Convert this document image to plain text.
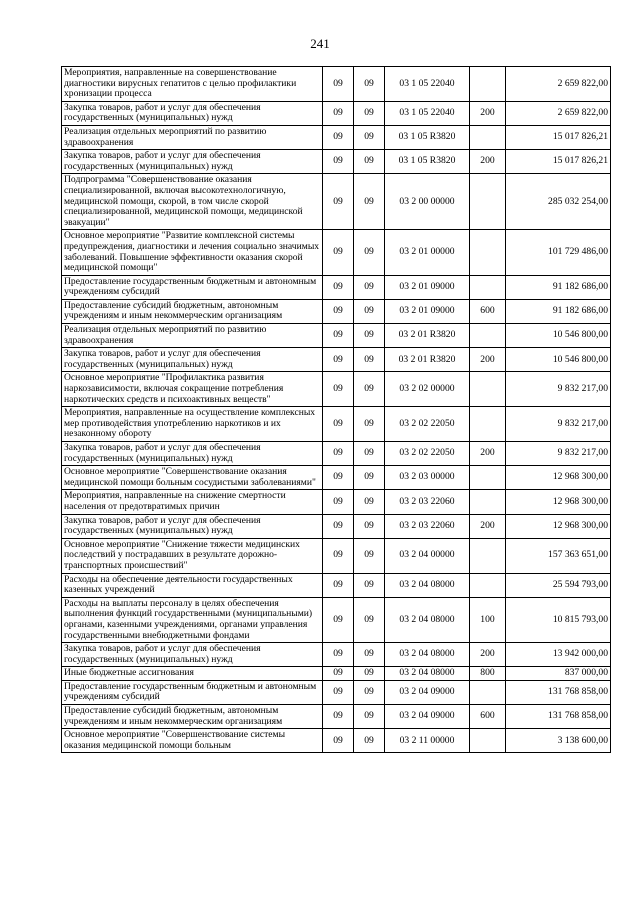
241
Мероприятия, направленные на совершенствование диагностики вирусных гепатитов с целью профилактики хронизации процесса	09	09	03 1 05 22040		2 659 822,00
Закупка товаров, работ и услуг для обеспечения государственных (муниципальных) нужд	09	09	03 1 05 22040	200	2 659 822,00
Реализация отдельных мероприятий по развитию здравоохранения	09	09	03 1 05 R3820		15 017 826,21
Закупка товаров, работ и услуг для обеспечения государственных (муниципальных) нужд	09	09	03 1 05 R3820	200	15 017 826,21
Подпрограмма "Совершенствование оказания специализированной, включая высокотехнологичную, медицинской помощи, скорой, в том числе скорой специализированной, медицинской помощи, медицинской эвакуации"	09	09	03 2 00 00000		285 032 254,00
Основное мероприятие "Развитие комплексной системы предупреждения, диагностики и лечения социально значимых заболеваний. Повышение эффективности оказания скорой медицинской помощи"	09	09	03 2 01 00000		101 729 486,00
Предоставление государственным бюджетным и автономным учреждениям субсидий	09	09	03 2 01 09000		91 182 686,00
Предоставление субсидий бюджетным, автономным учреждениям и иным некоммерческим организациям	09	09	03 2 01 09000	600	91 182 686,00
Реализация отдельных мероприятий по развитию здравоохранения	09	09	03 2 01 R3820		10 546 800,00
Закупка товаров, работ и услуг для обеспечения государственных (муниципальных) нужд	09	09	03 2 01 R3820	200	10 546 800,00
Основное мероприятие "Профилактика развития наркозависимости, включая сокращение потребления наркотических средств и психоактивных веществ"	09	09	03 2 02 00000		9 832 217,00
Мероприятия, направленные на осуществление комплексных мер противодействия употреблению наркотиков и их незаконному обороту	09	09	03 2 02 22050		9 832 217,00
Закупка товаров, работ и услуг для обеспечения государственных (муниципальных) нужд	09	09	03 2 02 22050	200	9 832 217,00
Основное мероприятие "Совершенствование оказания медицинской помощи больным сосудистыми заболеваниями"	09	09	03 2 03 00000		12 968 300,00
Мероприятия, направленные на снижение смертности населения от предотвратимых причин	09	09	03 2 03 22060		12 968 300,00
Закупка товаров, работ и услуг для обеспечения государственных (муниципальных) нужд	09	09	03 2 03 22060	200	12 968 300,00
Основное мероприятие "Снижение тяжести медицинских последствий у пострадавших в результате дорожно-транспортных происшествий"	09	09	03 2 04 00000		157 363 651,00
Расходы на обеспечение деятельности государственных казенных учреждений	09	09	03 2 04 08000		25 594 793,00
Расходы на выплаты персоналу в целях обеспечения выполнения функций государственными (муниципальными) органами, казенными учреждениями, органами управления государственными внебюджетными фондами	09	09	03 2 04 08000	100	10 815 793,00
Закупка товаров, работ и услуг для обеспечения государственных (муниципальных) нужд	09	09	03 2 04 08000	200	13 942 000,00
Иные бюджетные ассигнования	09	09	03 2 04 08000	800	837 000,00
Предоставление государственным бюджетным и автономным учреждениям субсидий	09	09	03 2 04 09000		131 768 858,00
Предоставление субсидий бюджетным, автономным учреждениям и иным некоммерческим организациям	09	09	03 2 04 09000	600	131 768 858,00
Основное мероприятие "Совершенствование системы оказания медицинской помощи больным	09	09	03 2 11 00000		3 138 600,00
